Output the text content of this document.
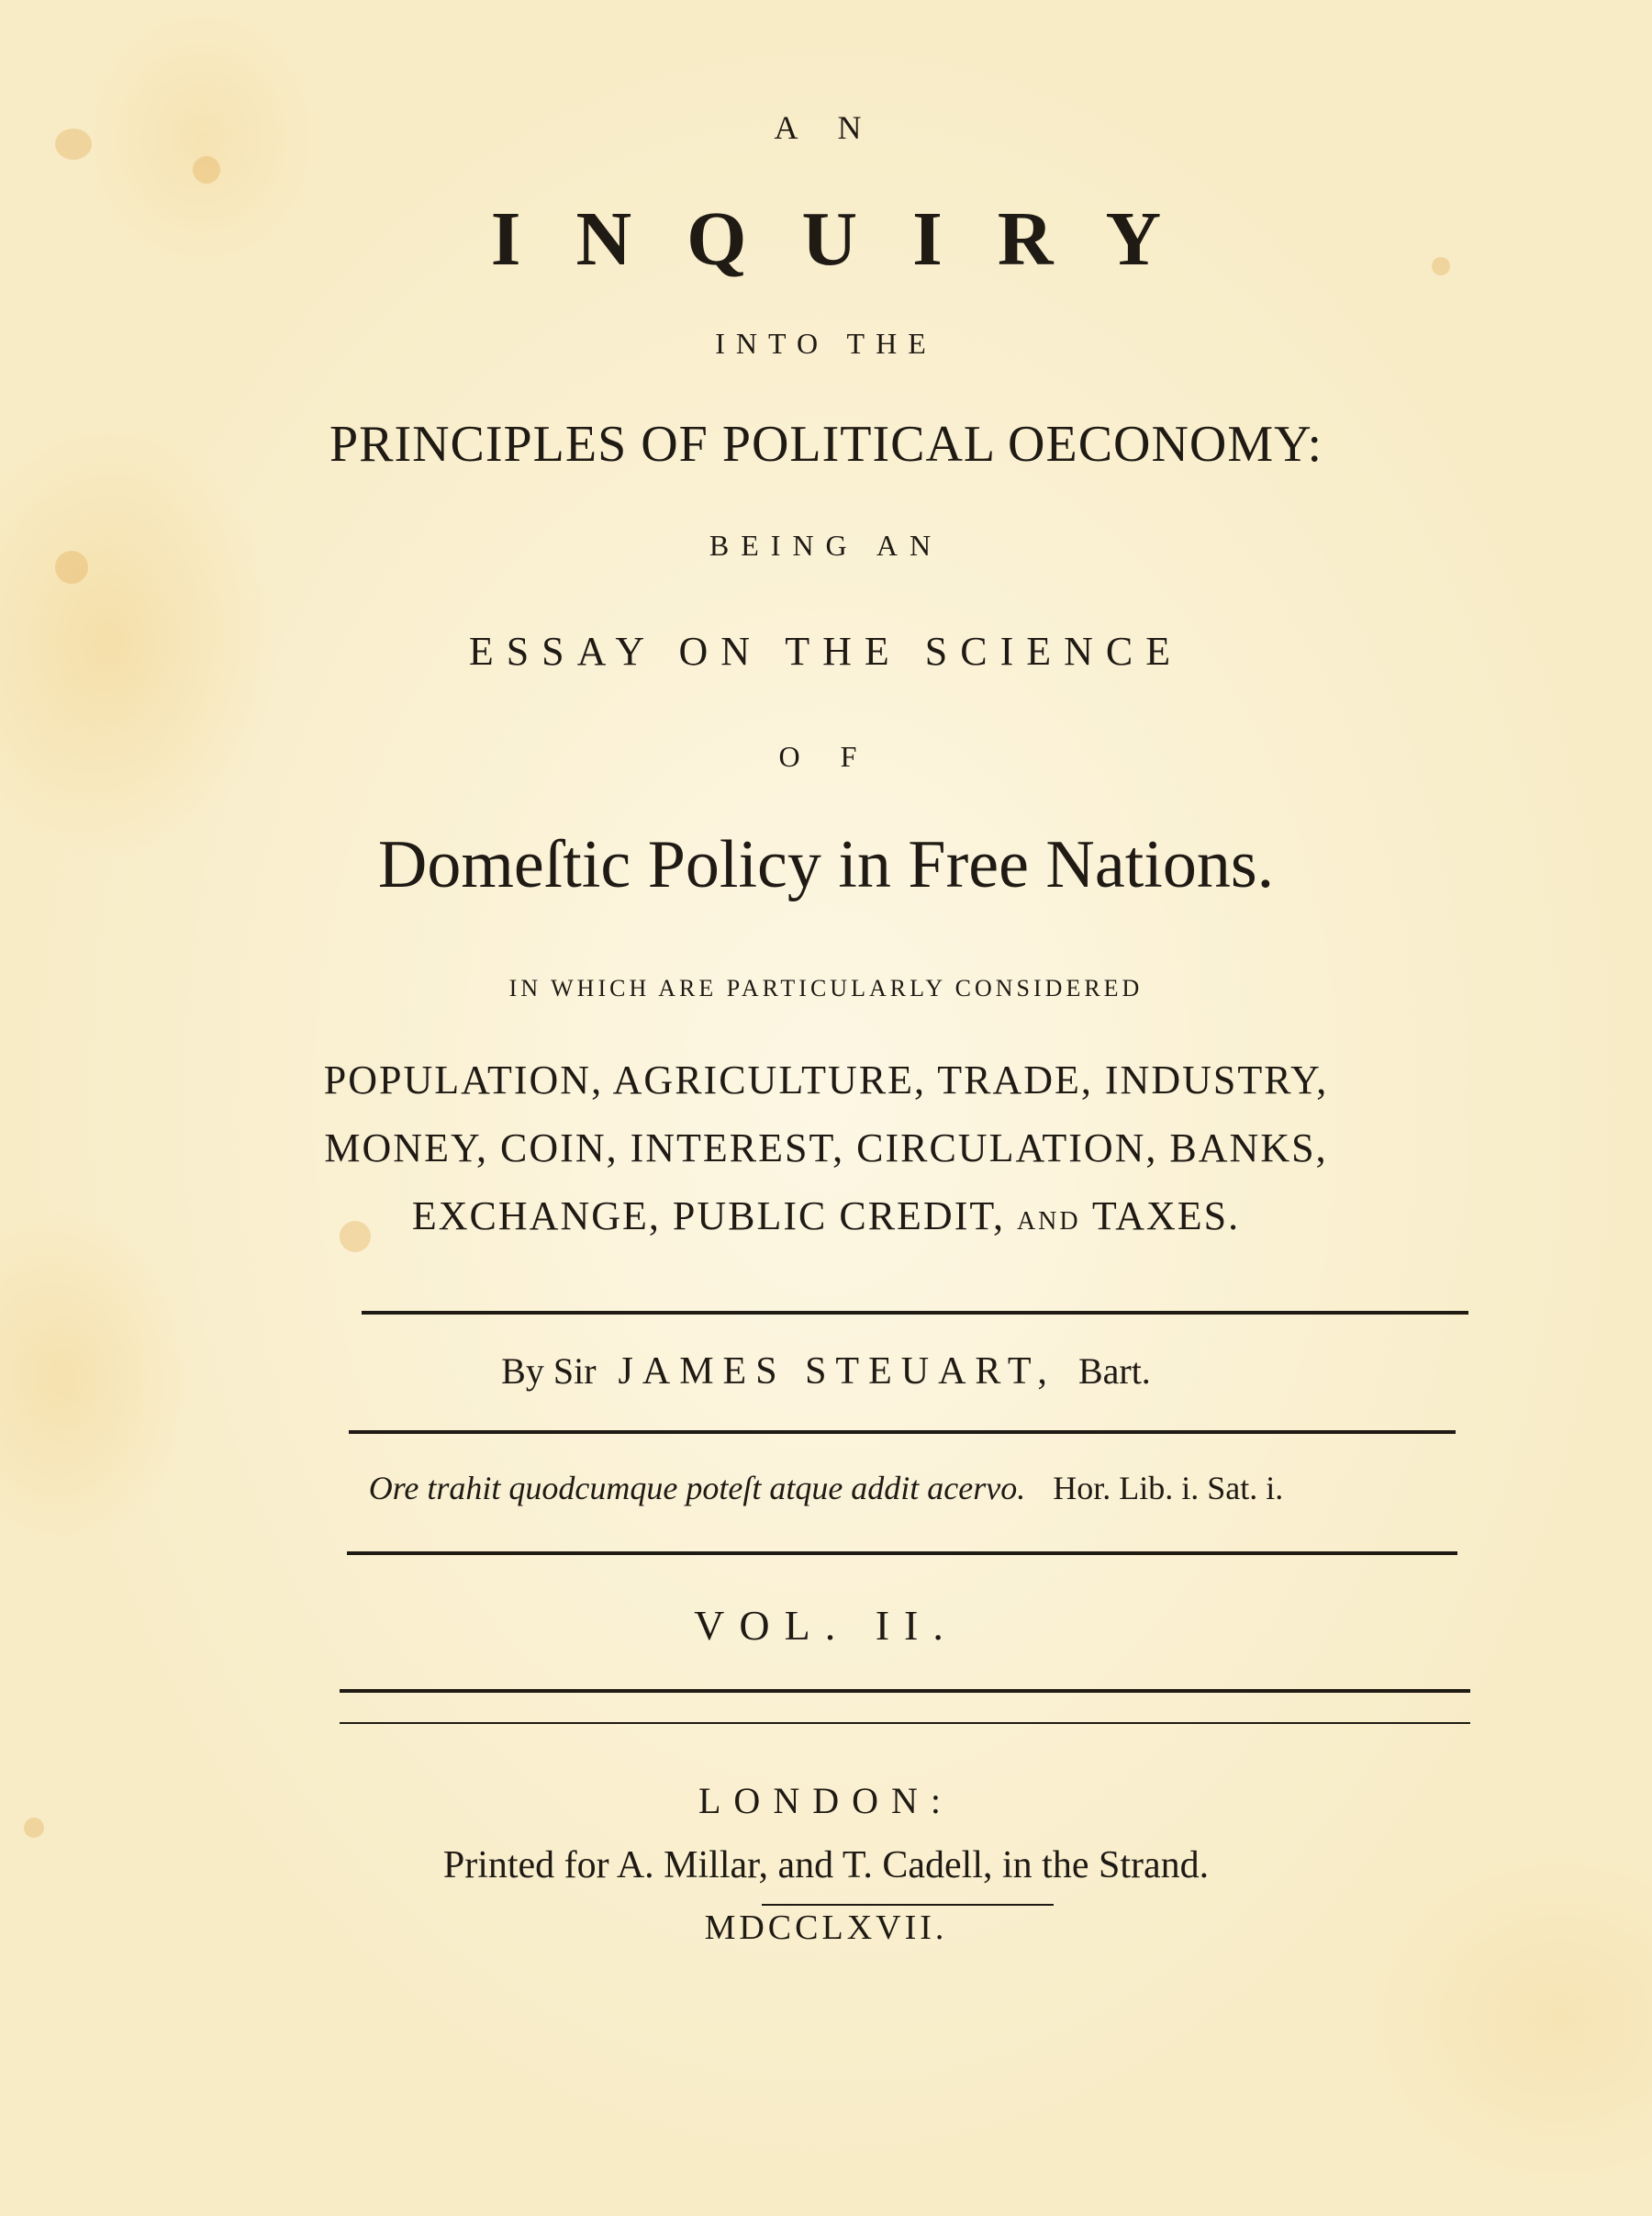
A N

INQUIRY

INTO THE

PRINCIPLES OF POLITICAL OECONOMY:

BEING AN

ESSAY ON THE SCIENCE

O F

Domeſtic Policy in Free Nations.

IN WHICH ARE PARTICULARLY CONSIDERED

POPULATION, AGRICULTURE, TRADE, INDUSTRY,
MONEY, COIN, INTEREST, CIRCULATION, BANKS,
EXCHANGE, PUBLIC CREDIT, AND TAXES.

By Sir JAMES STEUART, Bart.

Ore trahit quodcumque poteſt atque addit acervo. Hor. Lib. i. Sat. i.

VOL. II.

LONDON:

Printed for A. Millar, and T. Cadell, in the Strand.

MDCCLXVII.
